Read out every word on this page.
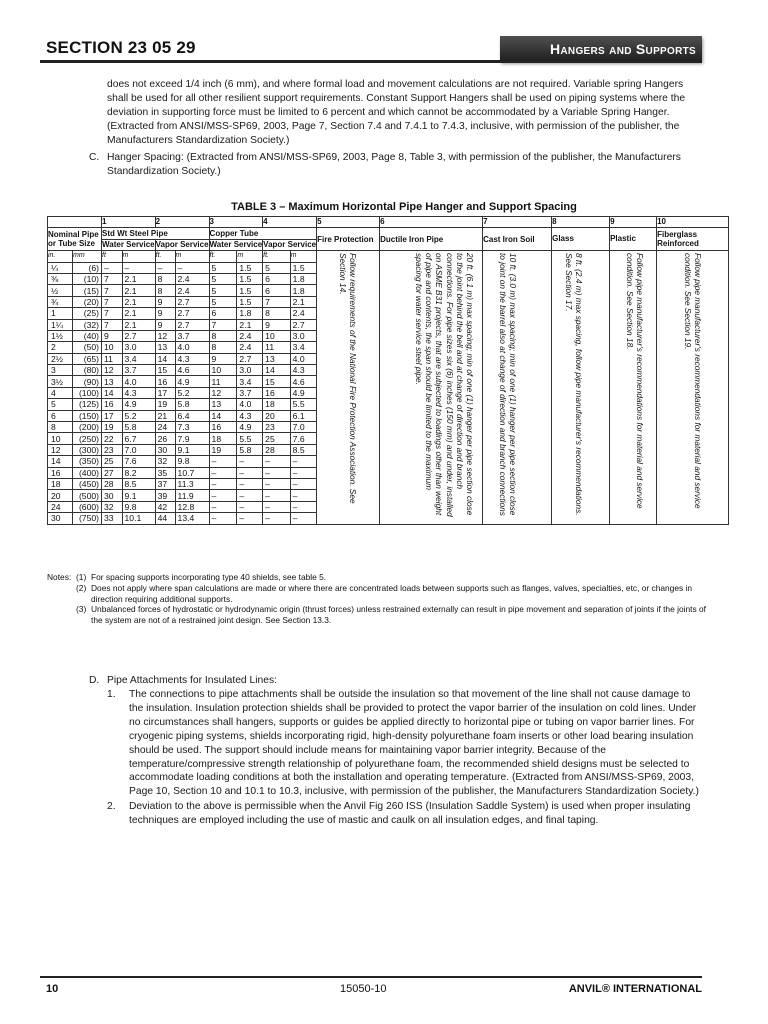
SECTION 23 05 29	Hangers and Supports
does not exceed 1/4 inch (6 mm), and where formal load and movement calculations are not required. Variable spring Hangers shall be used for all other resilient support requirements. Constant Support Hangers shall be used on piping systems where the deviation in supporting force must be limited to 6 percent and which cannot be accommodated by a Variable Spring Hanger. (Extracted from ANSI/MSS-SP69, 2003, Page 7, Section 7.4 and 7.4.1 to 7.4.3, inclusive, with permission of the publisher, the Manufacturers Standardization Society.)
C. Hanger Spacing: (Extracted from ANSI/MSS-SP69, 2003, Page 8, Table 3, with permission of the publisher, the Manufacturers Standardization Society.)
TABLE 3 – Maximum Horizontal Pipe Hanger and Support Spacing
		1		2		3		4		5	6	7	8	9	10
Nominal Pipe or Tube Size		Std Wt Steel Pipe				Copper Tube				Fire Protection	Ductile Iron Pipe	Cast Iron Soil	Glass	Plastic	Fiberglass Reinforced
		Water Service		Vapor Service		Water Service		Vapor Service							
in.	mm	ft	m	ft.	m	ft.	m	ft.	m	Follow requirements of the National Fire Protection Association. See Section 14.	20 ft. (6.1 m) max spacing; min of one (1) hanger per pipe section close to the joint behind the bell and at change of direction and branch connections. For pipe sizes six (6) inches (150 mm) and under, installed on ASME B31 projects, that are subjected to loadings other than weight of pipe and contents, the span should be limited to the maximum spacing for water service steel pipe.	10 ft. (3.0 m) max spacing; min of one (1) hanger per pipe section close to joint on the barrel also at change of direction and branch connections	8 ft. (2.4 m) max spacing, follow pipe manufacturer's recommendations. See Section 17.	Follow pipe manufacturer's recommendations for material and service condition. See Section 18.	Follow pipe manufacturer's recommendations for material and service condition. See Section 19.

¼	(6)	–	–	–	–	5	1.5	5	1.5						
⅜	(10)	7	2.1	8	2.4	5	1.5	6	1.8						
½	(15)	7	2.1	8	2.4	5	1.5	6	1.8						
¾	(20)	7	2.1	9	2.7	5	1.5	7	2.1						
1	(25)	7	2.1	9	2.7	6	1.8	8	2.4						
1¼	(32)	7	2.1	9	2.7	7	2.1	9	2.7						
1½	(40)	9	2.7	12	3.7	8	2.4	10	3.0						
2	(50)	10	3.0	13	4.0	8	2.4	11	3.4						
2½	(65)	11	3.4	14	4.3	9	2.7	13	4.0						
3	(80)	12	3.7	15	4.6	10	3.0	14	4.3						
3½	(90)	13	4.0	16	4.9	11	3.4	15	4.6						
4	(100)	14	4.3	17	5.2	12	3.7	16	4.9						
5	(125)	16	4.9	19	5.8	13	4.0	18	5.5						
6	(150)	17	5.2	21	6.4	14	4.3	20	6.1						
8	(200)	19	5.8	24	7.3	16	4.9	23	7.0						
10	(250)	22	6.7	26	7.9	18	5.5	25	7.6						
12	(300)	23	7.0	30	9.1	19	5.8	28	8.5						
14	(350)	25	7.6	32	9.8	–	–	–	–						
16	(400)	27	8.2	35	10.7	–	–	–	–						
18	(450)	28	8.5	37	11.3	–	–	–	–						
20	(500)	30	9.1	39	11.9	–	–	–	–						
24	(600)	32	9.8	42	12.8	–	–	–	–						
30	(750)	33	10.1	44	13.4	–	–	–	–						
Notes: (1) For spacing supports incorporating type 40 shields, see table 5.
(2) Does not apply where span calculations are made or where there are concentrated loads between supports such as flanges, valves, specialties, etc, or changes in direction requiring additional supports.
(3) Unbalanced forces of hydrostatic or hydrodynamic origin (thrust forces) unless restrained externally can result in pipe movement and separation of joints if the joints of the system are not of a restrained joint design. See Section 13.3.
D. Pipe Attachments for Insulated Lines:
1. The connections to pipe attachments shall be outside the insulation so that movement of the line shall not cause damage to the insulation. Insulation protection shields shall be provided to protect the vapor barrier of the insulation on cold lines. Under no circumstances shall hangers, supports or guides be applied directly to horizontal pipe or tubing on vapor barrier lines. For cryogenic piping systems, shields incorporating rigid, high-density polyurethane foam inserts or other load bearing insulation should be used. The support should include means for maintaining vapor barrier integrity. Because of the temperature/compressive strength relationship of polyurethane foam, the recommended shield designs must be selected to accommodate loading conditions at both the installation and operating temperature. (Extracted from ANSI/MSS-SP69, 2003, Page 10, Section 10 and 10.1 to 10.3, inclusive, with permission of the publisher, the Manufacturers Standardization Society.)
2. Deviation to the above is permissible when the Anvil Fig 260 ISS (Insulation Saddle System) is used when proper insulating techniques are employed including the use of mastic and caulk on all insulation edges, and final taping.
10	15050-10	ANVIL® INTERNATIONAL
